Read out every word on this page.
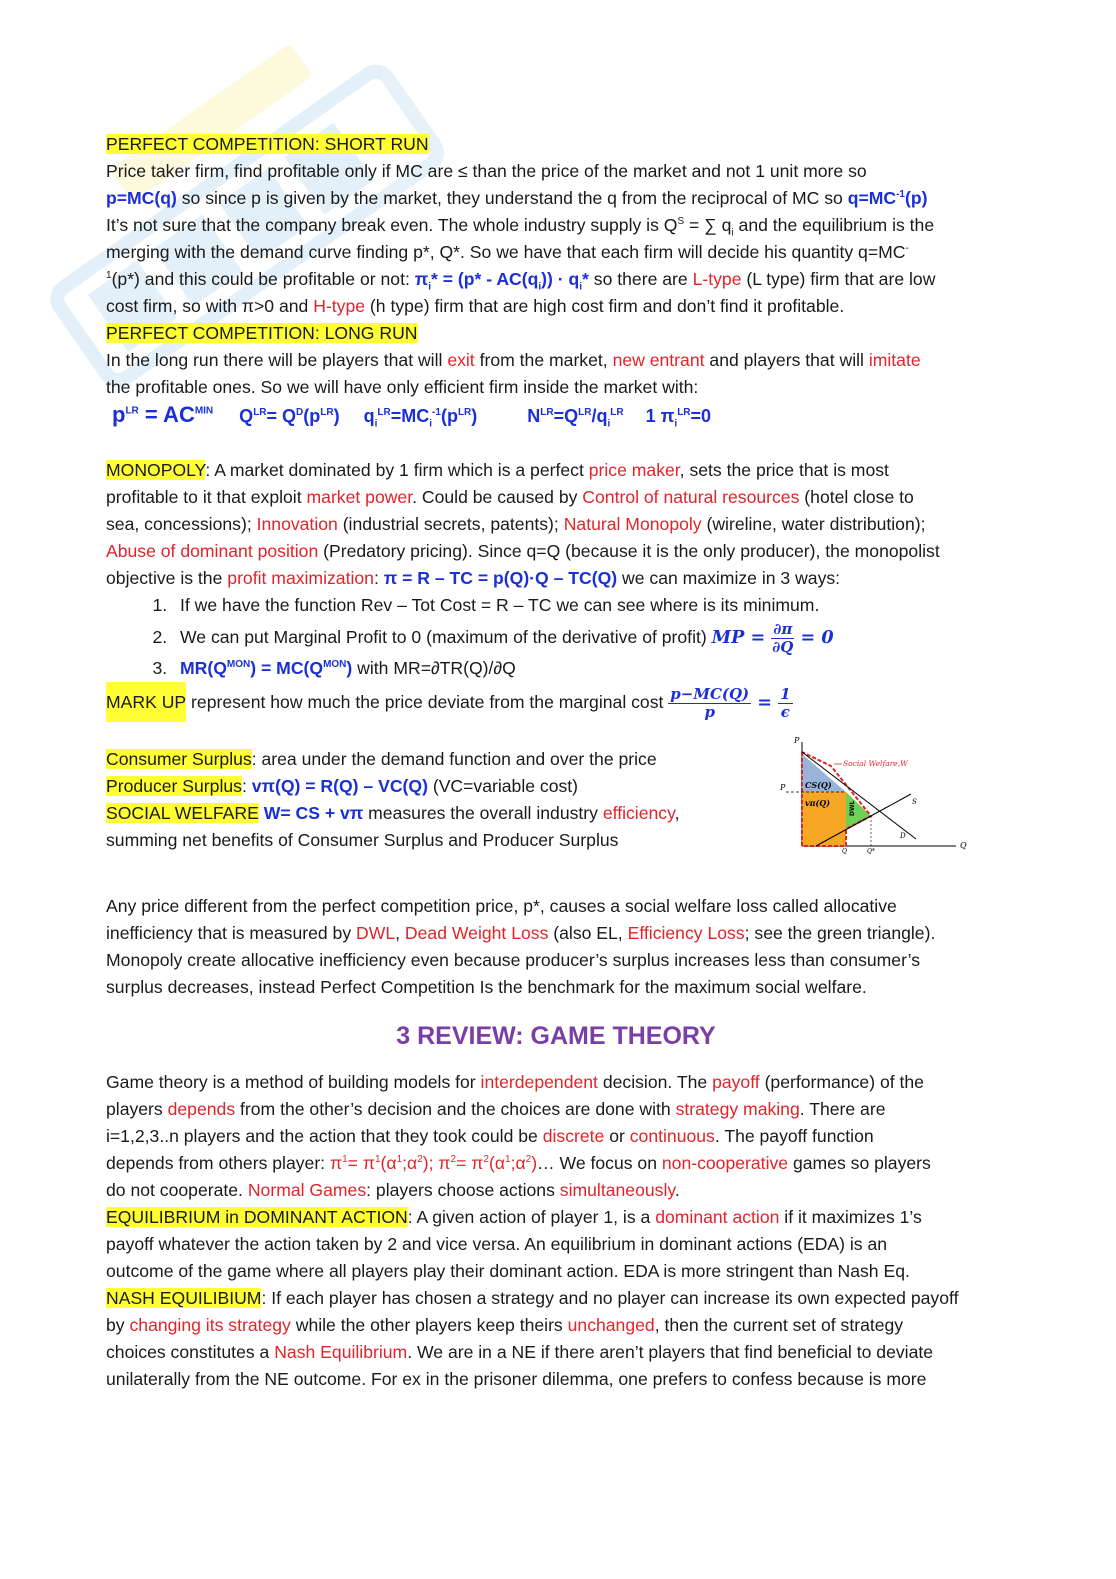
PERFECT COMPETITION: SHORT RUN

Price taker firm, find profitable only if MC are ≤ than the price of the market and not 1 unit more so

p=MC(q) so since p is given by the market, they understand the q from the reciprocal of MC so $q=MC^{-1}(p)$

It’s not sure that the company break even. The whole industry supply is $Q^S$ = ∑ $q_i$ and the equilibrium is the

merging with the demand curve finding p*, Q*. So we have that each firm will decide his quantity q=MC-

$^1$(p*) and this could be profitable or not: $\pi_i* = (p* - AC(q_i)) \cdot q_i*$ so there are L-type (L type) firm that are low

cost firm, so with π>0 and H-type (h type) firm that are high cost firm and don’t find it profitable.

PERFECT COMPETITION: LONG RUN

In the long run there will be players that will exit from the market, new entrant and players that will imitate

the profitable ones. So we will have only efficient firm inside the market with:

$p^{LR} = AC^{MIN}$ $Q^{LR}= Q^D(p^{LR})$ $q_i^{LR}=MC_i^{-1}(p^{LR})$	$N^{LR}=Q^{LR}/q_i^{LR}$ 1 $\pi_i^{LR}=0$

MONOPOLY: A market dominated by 1 firm which is a perfect price maker, sets the price that is most

profitable to it that exploit market power. Could be caused by Control of natural resources (hotel close to

sea, concessions); Innovation (industrial secrets, patents); Natural Monopoly (wireline, water distribution);

Abuse of dominant position (Predatory pricing). Since q=Q (because it is the only producer), the monopolist

objective is the profit maximization: π = R – TC = p(Q)·Q – TC(Q) we can maximize in 3 ways:

1. If we have the function Rev – Tot Cost = R – TC we can see where is its minimum.
2. We can put Marginal Profit to 0 (maximum of the derivative of profit) MP = $\frac{\partial\pi}{\partial Q} = 0$
3. $MR(Q^{MON}) = MC(Q^{MON})$ with MR=∂TR(Q)/∂Q

MARK UP represent how much the price deviate from the marginal cost $\frac{p-MC(Q)}{p} = \frac{1}{\epsilon}$

Consumer Surplus: area under the demand function and over the price

Producer Surplus: vπ(Q) = R(Q) – VC(Q) (VC=variable cost)

SOCIAL WELFARE W= CS + vπ measures the overall industry efficiency,

summing net benefits of Consumer Surplus and Producer Surplus

P
Q
P
D
S
Q	Q*
CS(Q)
vπ(Q)	DWL
Social Welfare,W

Any price different from the perfect competition price, p*, causes a social welfare loss called allocative

inefficiency that is measured by DWL, Dead Weight Loss (also EL, Efficiency Loss; see the green triangle).

Monopoly create allocative inefficiency even because producer’s surplus increases less than consumer’s

surplus decreases, instead Perfect Competition Is the benchmark for the maximum social welfare.

3 REVIEW: GAME THEORY

Game theory is a method of building models for interdependent decision. The payoff (performance) of the

players depends from the other’s decision and the choices are done with strategy making. There are

i=1,2,3..n players and the action that they took could be discrete or continuous. The payoff function

depends from others player: $\pi^1=$ $\pi^1(\alpha^1;\alpha^2)$; $\pi^2=$ $\pi^2(\alpha^1;\alpha^2)\dots$ We focus on non-cooperative games so players

do not cooperate. Normal Games: players choose actions simultaneously.

EQUILIBRIUM in DOMINANT ACTION: A given action of player 1, is a dominant action if it maximizes 1’s

payoff whatever the action taken by 2 and vice versa. An equilibrium in dominant actions (EDA) is an

outcome of the game where all players play their dominant action. EDA is more stringent than Nash Eq.

NASH EQUILIBIUM: If each player has chosen a strategy and no player can increase its own expected payoff

by changing its strategy while the other players keep theirs unchanged, then the current set of strategy

choices constitutes a Nash Equilibrium. We are in a NE if there aren’t players that find beneficial to deviate

unilaterally from the NE outcome. For ex in the prisoner dilemma, one prefers to confess because is more
